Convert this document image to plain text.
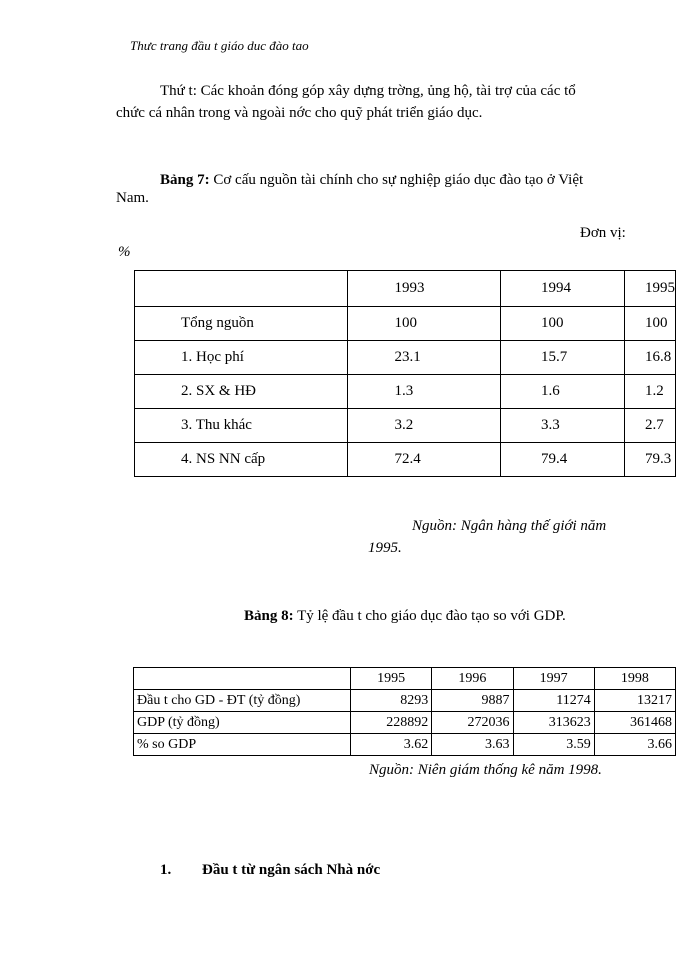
Thưc trang đầu t giáo duc đào tao
Thứ t: Các khoản đóng góp xây dựng trờng, ủng hộ, tài trợ của các tổ
chức cá nhân trong và ngoài nớc cho quỹ phát triển giáo dục.
Bảng 7: Cơ cấu nguồn tài chính cho sự nghiệp giáo dục đào tạo ở Việt
Nam.
Đơn vị:
%
	1993	1994	1995
Tổng nguồn	100	100	100
1. Học phí	23.1	15.7	16.8
2. SX & HĐ	1.3	1.6	1.2
3. Thu khác	3.2	3.3	2.7
4. NS NN cấp	72.4	79.4	79.3
Nguồn: Ngân hàng thế giới năm
1995.
Bảng 8: Tỷ lệ đầu t cho giáo dục đào tạo so với GDP.
	1995	1996	1997	1998
Đầu t cho GD - ĐT (tỷ đồng)	8293	9887	11274	13217
GDP (tỷ đồng)	228892	272036	313623	361468
% so GDP	3.62	3.63	3.59	3.66
Nguồn: Niên giám thống kê năm 1998.
1. Đầu t từ ngân sách Nhà nớc
